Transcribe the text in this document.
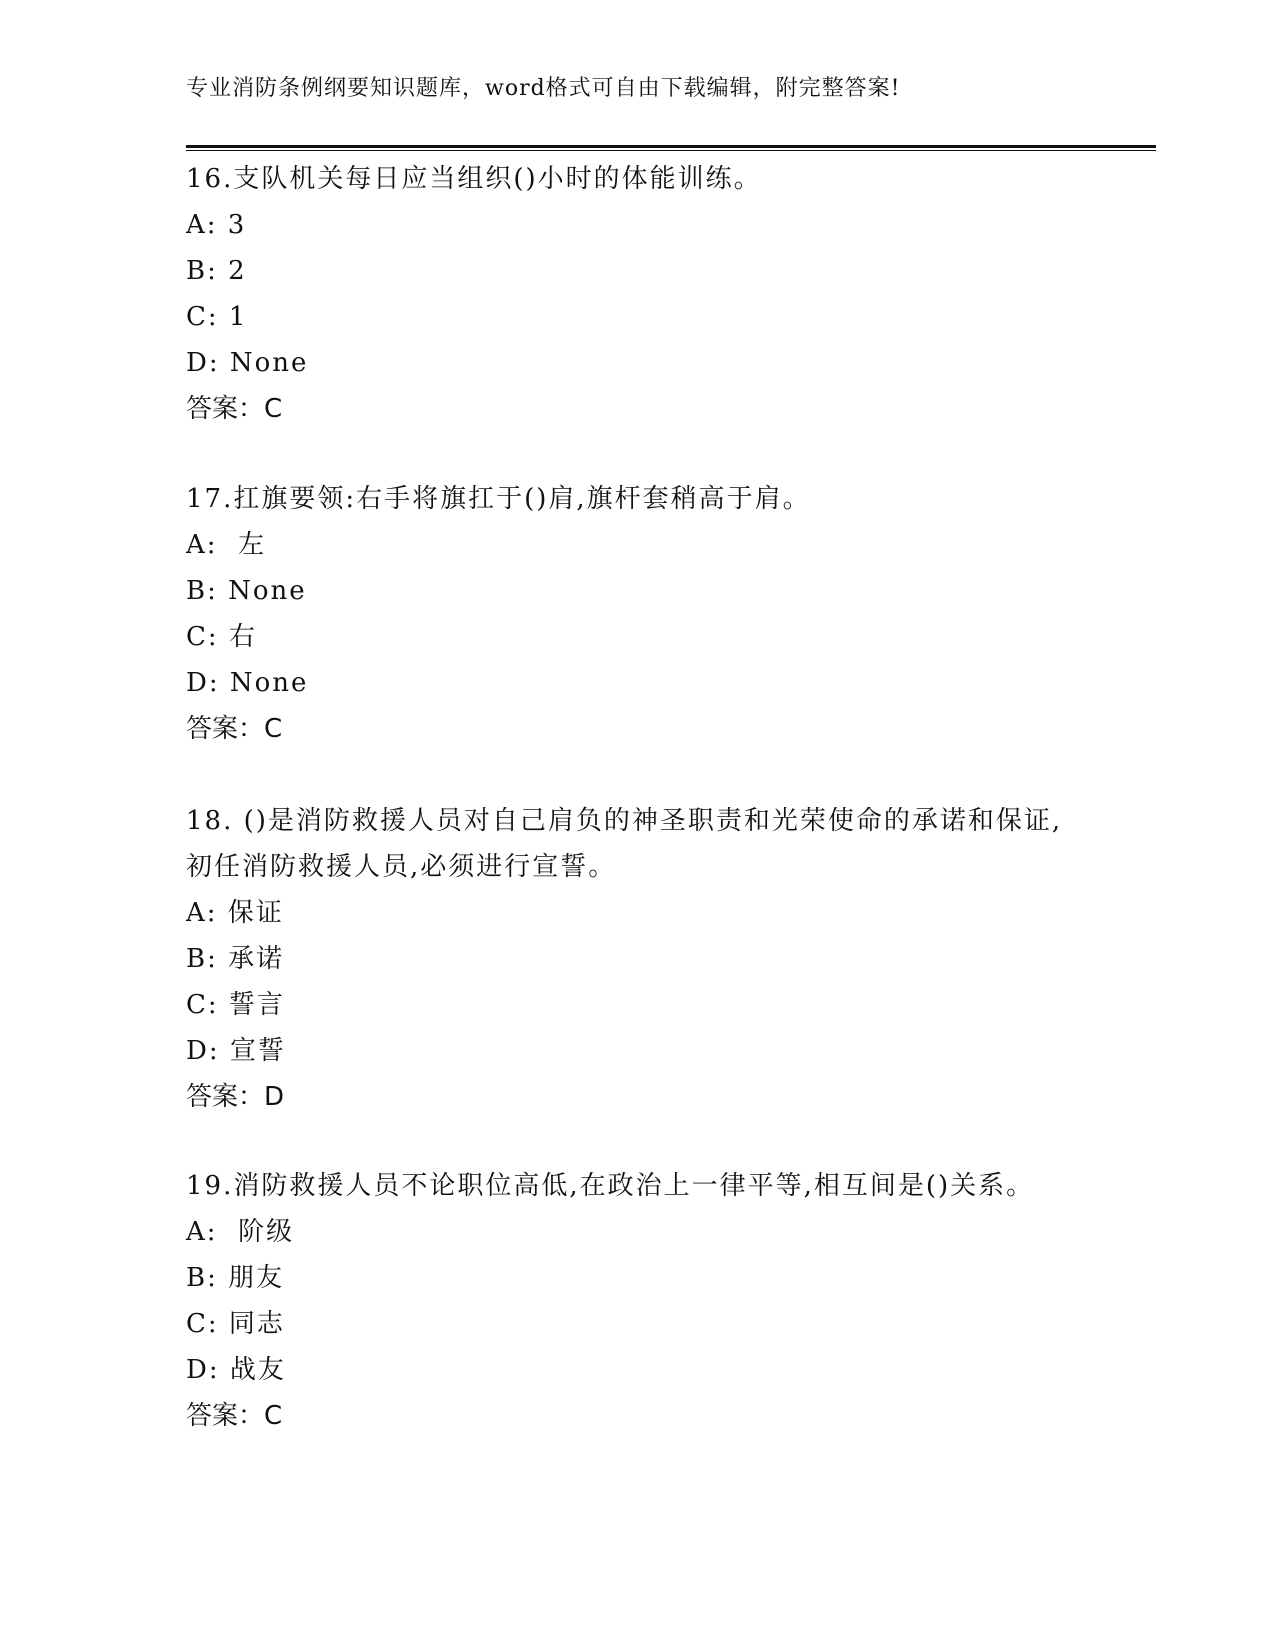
专业消防条例纲要知识题库，word格式可自由下载编辑，附完整答案!

16.支队机关每日应当组织()小时的体能训练。

A: 3

B: 2

C: 1

D: None

答案：C

17.扛旗要领:右手将旗扛于()肩,旗杆套稍高于肩。

A:  左

B: None

C: 右

D: None

答案：C

18. ()是消防救援人员对自己肩负的神圣职责和光荣使命的承诺和保证,初任消防救援人员,必须进行宣誓。

A: 保证

B: 承诺

C: 誓言

D: 宣誓

答案：D

19.消防救援人员不论职位高低,在政治上一律平等,相互间是()关系。

A:  阶级

B: 朋友

C: 同志

D: 战友

答案：C
